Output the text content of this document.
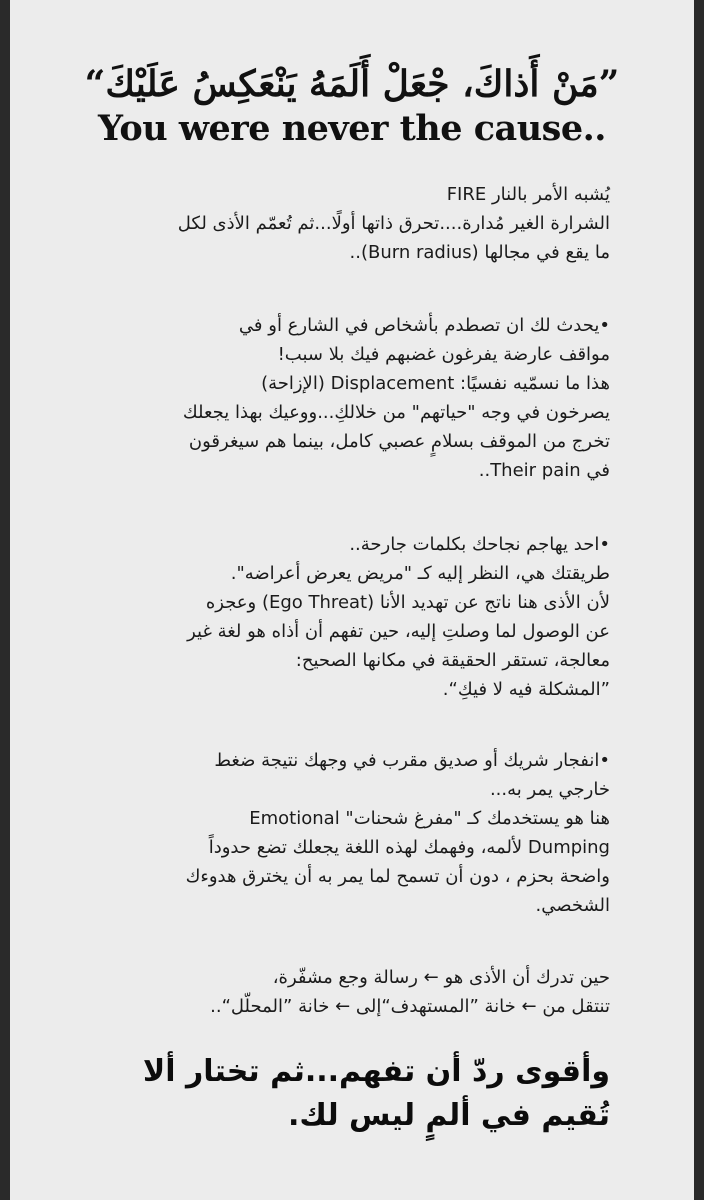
”مَنْ أَذاكَ، جْعَلْ أَلَمَهُ يَنْعَكِسُ عَلَيْكَ“
You were never the cause..
يُشبه الأمر بالنار FIRE
الشرارة الغير مُدارة....تحرق ذاتها أولًا...ثم تُعمّم الأذى لكل
ما يقع في مجالها (Burn radius)..
•يحدث لك ان تصطدم بأشخاص في الشارع أو في
مواقف عارضة يفرغون غضبهم فيك بلا سبب!
هذا ما نسمّيه نفسيًا: Displacement (الإزاحة)
يصرخون في وجه "حياتهم" من خلالكِ...ووعيك بهذا يجعلك
تخرج من الموقف بسلامٍ عصبي كامل، بينما هم سيغرقون
في Their pain..
•احد يهاجم نجاحك بكلمات جارحة..
طريقتك هي، النظر إليه كـ "مريض يعرض أعراضه".
لأن الأذى هنا ناتج عن تهديد الأنا (Ego Threat) وعجزه
عن الوصول لما وصلتِ إليه، حين تفهم أن أذاه هو لغة غير
معالجة، تستقر الحقيقة في مكانها الصحيح:
”المشكلة فيه لا فيكِ“.
•انفجار شريك أو صديق مقرب في وجهك نتيجة ضغط
خارجي يمر به...
هنا هو يستخدمك كـ "مفرغ شحنات" Emotional
Dumping لألمه، وفهمك لهذه اللغة يجعلك تضع حدوداً
واضحة بحزم ، دون أن تسمح لما يمر به أن يخترق هدوءك
الشخصي.
حين تدرك أن الأذى هو ← رسالة وجع مشفّرة،
تنتقل من ← خانة ”المستهدف“إلى ← خانة ”المحلّل“..
وأقوى ردّ أن تفهم...ثم تختار ألا
تُقيم في ألمٍ ليس لك.
